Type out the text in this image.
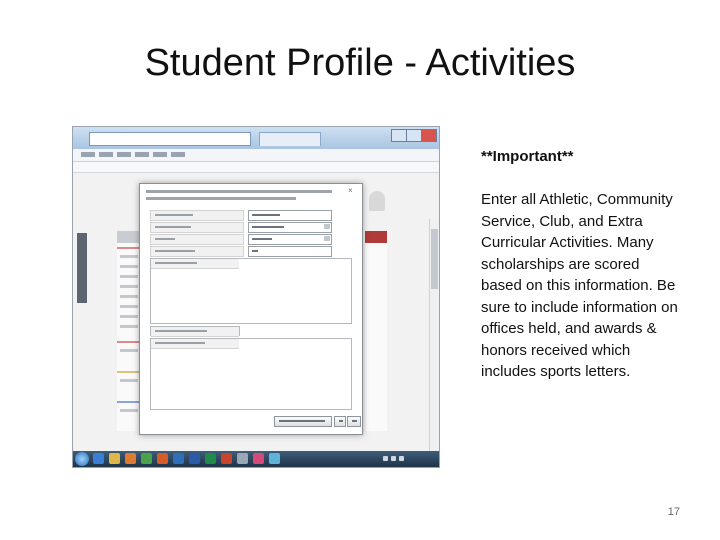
Student Profile - Activities
×
**Important**
Enter all Athletic, Community Service, Club, and Extra Curricular Activities. Many scholarships are scored based on this information. Be sure to include information on offices held, and awards & honors received which includes sports letters.
17
